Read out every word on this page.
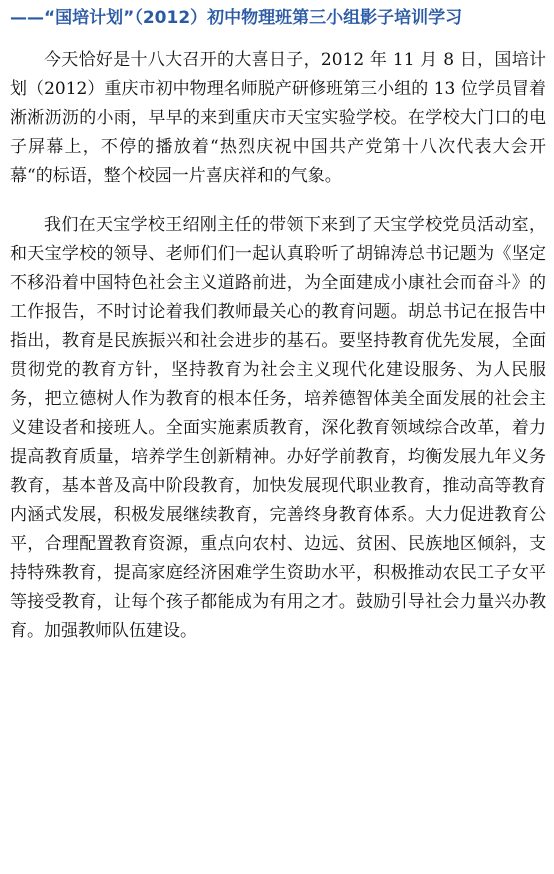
——“国培计划”（2012）初中物理班第三小组影子培训学习

今天恰好是十八大召开的大喜日子，2012 年 11 月 8 日，国培计划（2012）重庆市初中物理名师脱产研修班第三小组的 13 位学员冒着淅淅沥沥的小雨，早早的来到重庆市天宝实验学校。在学校大门口的电子屏幕上，不停的播放着“热烈庆祝中国共产党第十八次代表大会开幕“的标语，整个校园一片喜庆祥和的气象。

我们在天宝学校王绍刚主任的带领下来到了天宝学校党员活动室，和天宝学校的领导、老师们们一起认真聆听了胡锦涛总书记题为《坚定不移沿着中国特色社会主义道路前进，为全面建成小康社会而奋斗》的工作报告，不时讨论着我们教师最关心的教育问题。胡总书记在报告中指出，教育是民族振兴和社会进步的基石。要坚持教育优先发展，全面贯彻党的教育方针，坚持教育为社会主义现代化建设服务、为人民服务，把立德树人作为教育的根本任务，培养德智体美全面发展的社会主义建设者和接班人。全面实施素质教育，深化教育领域综合改革，着力提高教育质量，培养学生创新精神。办好学前教育，均衡发展九年义务教育，基本普及高中阶段教育，加快发展现代职业教育，推动高等教育内涵式发展，积极发展继续教育，完善终身教育体系。大力促进教育公平，合理配置教育资源，重点向农村、边远、贫困、民族地区倾斜，支持特殊教育，提高家庭经济困难学生资助水平，积极推动农民工子女平等接受教育，让每个孩子都能成为有用之才。鼓励引导社会力量兴办教育。加强教师队伍建设。
